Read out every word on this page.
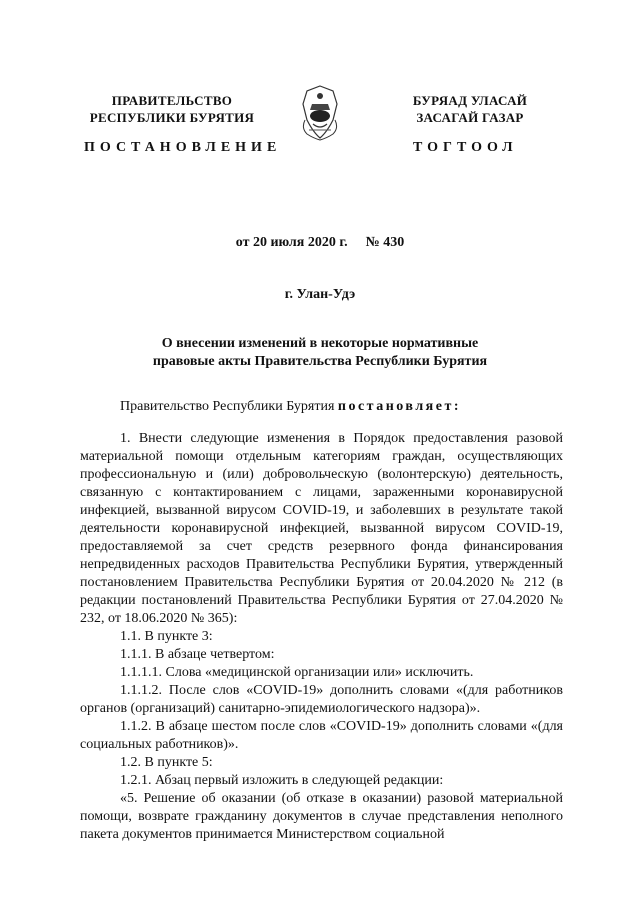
ПРАВИТЕЛЬСТВО
РЕСПУБЛИКИ БУРЯТИЯ
БУРЯАД УЛАСАЙ
ЗАСАГАЙ ГАЗАР
ПОСТАНОВЛЕНИЕ	ТОГТООЛ
от 20 июля 2020 г. № 430
г. Улан-Удэ
О внесении изменений в некоторые нормативные
правовые акты Правительства Республики Бурятия

Правительство Республики Бурятия постановляет:

1. Внести следующие изменения в Порядок предоставления разовой материальной помощи отдельным категориям граждан, осуществляющих профессиональную и (или) добровольческую (волонтерскую) деятельность, связанную с контактированием с лицами, зараженными коронавирусной инфекцией, вызванной вирусом COVID-19, и заболевших в результате такой деятельности коронавирусной инфекцией, вызванной вирусом COVID-19, предоставляемой за счет средств резервного фонда финансирования непредвиденных расходов Правительства Республики Бурятия, утвержденный постановлением Правительства Республики Бурятия от 20.04.2020 № 212 (в редакции постановлений Правительства Республики Бурятия от 27.04.2020 № 232, от 18.06.2020 № 365):

1.1. В пункте 3:

1.1.1. В абзаце четвертом:

1.1.1.1. Слова «медицинской организации или» исключить.

1.1.1.2. После слов «COVID-19» дополнить словами «(для работников органов (организаций) санитарно-эпидемиологического надзора)».

1.1.2. В абзаце шестом после слов «COVID-19» дополнить словами «(для социальных работников)».

1.2. В пункте 5:

1.2.1. Абзац первый изложить в следующей редакции:

«5. Решение об оказании (об отказе в оказании) разовой материальной помощи, возврате гражданину документов в случае представления неполного пакета документов принимается Министерством социальной
